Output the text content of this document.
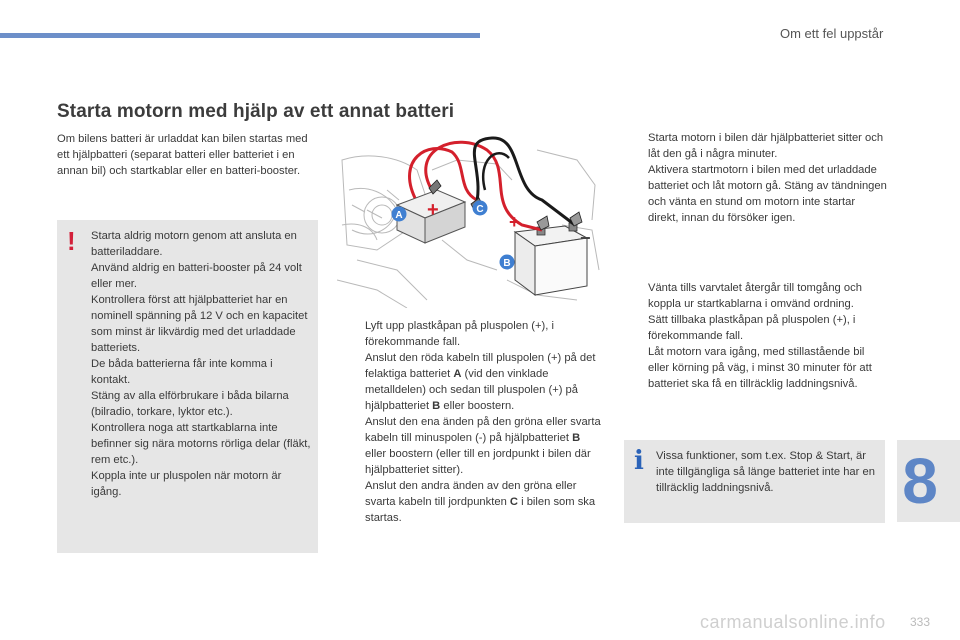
Om ett fel uppstår
Starta motorn med hjälp av ett annat batteri

Om bilens batteri är urladdat kan bilen startas med ett hjälpbatteri (separat batteri eller batteriet i en annan bil) och startkablar eller en batteri-booster.

! Starta aldrig motorn genom att ansluta en batteriladdare.
Använd aldrig en batteri-booster på 24 volt eller mer.
Kontrollera först att hjälpbatteriet har en nominell spänning på 12 V och en kapacitet som minst är likvärdig med det urladdade batteriets.
De båda batterierna får inte komma i kontakt.
Stäng av alla elförbrukare i båda bilarna (bilradio, torkare, lyktor etc.).
Kontrollera noga att startkablarna inte befinner sig nära motorns rörliga delar (fläkt, rem etc.).
Koppla inte ur pluspolen när motorn är igång.

+
+
−
A
B
C
Lyft upp plastkåpan på pluspolen (+), i förekommande fall.
Anslut den röda kabeln till pluspolen (+) på det felaktiga batteriet A (vid den vinklade metalldelen) och sedan till pluspolen (+) på hjälpbatteriet B eller boostern.
Anslut den ena änden på den gröna eller svarta kabeln till minuspolen (-) på hjälpbatteriet B eller boostern (eller till en jordpunkt i bilen där hjälpbatteriet sitter).
Anslut den andra änden av den gröna eller svarta kabeln till jordpunkten C i bilen som ska startas.
Starta motorn i bilen där hjälpbatteriet sitter och låt den gå i några minuter.
Aktivera startmotorn i bilen med det urladdade batteriet och låt motorn gå. Stäng av tändningen och vänta en stund om motorn inte startar direkt, innan du försöker igen.
Vänta tills varvtalet återgår till tomgång och koppla ur startkablarna i omvänd ordning.
Sätt tillbaka plastkåpan på pluspolen (+), i förekommande fall.
Låt motorn vara igång, med stillastående bil eller körning på väg, i minst 30 minuter för att batteriet ska få en tillräcklig laddningsnivå.
i Vissa funktioner, som t.ex. Stop & Start, är inte tillgängliga så länge batteriet inte har en tillräcklig laddningsnivå.	8
carmanualsonline.info 333
